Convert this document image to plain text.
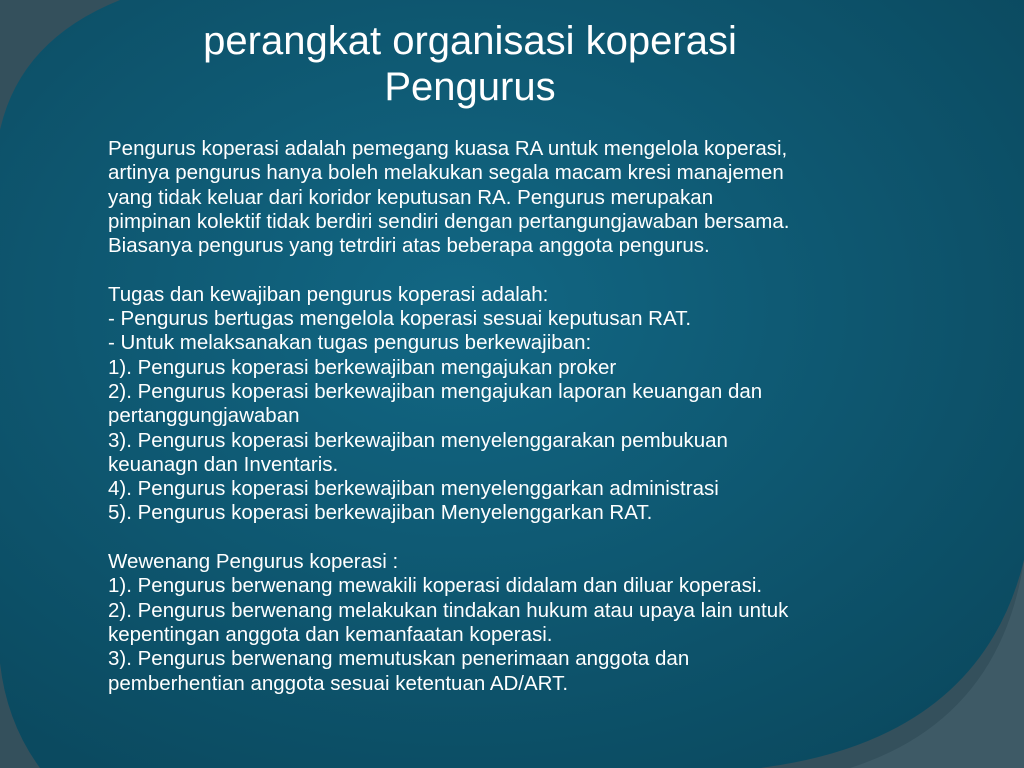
perangkat organisasi koperasi
Pengurus

Pengurus koperasi adalah pemegang kuasa RA untuk mengelola koperasi,

artinya pengurus hanya boleh melakukan segala macam kresi manajemen

yang tidak keluar dari koridor keputusan RA. Pengurus merupakan

pimpinan kolektif tidak berdiri sendiri dengan pertangungjawaban bersama.

Biasanya pengurus yang tetrdiri atas beberapa anggota pengurus.

Tugas dan kewajiban pengurus koperasi adalah:

- Pengurus bertugas mengelola koperasi sesuai keputusan RAT.

- Untuk melaksanakan tugas pengurus berkewajiban:

1). Pengurus koperasi berkewajiban mengajukan proker

2). Pengurus koperasi berkewajiban mengajukan laporan keuangan dan

pertanggungjawaban

3). Pengurus koperasi berkewajiban menyelenggarakan pembukuan

keuanagn dan Inventaris.

4). Pengurus koperasi berkewajiban menyelenggarkan administrasi

5). Pengurus koperasi berkewajiban Menyelenggarkan RAT.

Wewenang Pengurus koperasi :

1). Pengurus berwenang mewakili koperasi didalam dan diluar koperasi.

2). Pengurus berwenang melakukan tindakan hukum atau upaya lain untuk

kepentingan anggota dan kemanfaatan koperasi.

3). Pengurus berwenang memutuskan penerimaan anggota dan

pemberhentian anggota sesuai ketentuan AD/ART.
